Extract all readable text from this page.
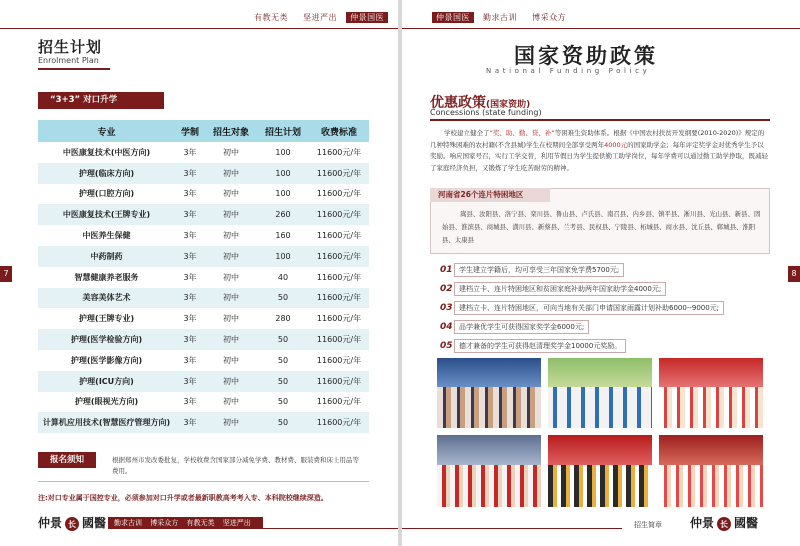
有教无类 坚进严出 仲景国医
招生计划
Enrolment Plan
“3+3” 对口升学
专业	学制	招生对象	招生计划	收费标准
中医康复技术(中医方向)	3年	初中	100	11600元/年
护理(临床方向)	3年	初中	100	11600元/年
护理(口腔方向)	3年	初中	100	11600元/年
中医康复技术(王牌专业)	3年	初中	260	11600元/年
中医养生保健	3年	初中	160	11600元/年
中药制药	3年	初中	100	11600元/年
智慧健康养老服务	3年	初中	40	11600元/年
美容美体艺术	3年	初中	50	11600元/年
护理(王牌专业)	3年	初中	280	11600元/年
护理(医学检验方向)	3年	初中	50	11600元/年
护理(医学影像方向)	3年	初中	50	11600元/年
护理(ICU方向)	3年	初中	50	11600元/年
护理(眼视光方向)	3年	初中	50	11600元/年
计算机应用技术(智慧医疗管理方向)	3年	初中	50	11600元/年
报名须知	根据郑州市发改委批复，学校收费含国家部分减免学费、教材费、服装费和床上用品等费用。
注:对口专业属于国控专业，必须参加对口升学或者最新职教高考考入专、本科院校继续深造。
7
仲景 长 國醫	勤求古训 博采众方 有教无类 坚进严出
仲景国医 勤求古训 博采众方
国家资助政策
National Funding Policy
优惠政策(国家资助)
Concessions (state funding)
学校建立健全了“奖、助、勤、贷、补”等困难生资助体系。根据《中国农村扶贫开发纲要(2010-2020)》规定的几种特殊困难的农村籍(不含县城)学生在校期间全部享受两年4000元的国家助学金；每年评定奖学金对优秀学生予以奖励。响应国家号召，实行工学交替，利用节假日为学生提供勤工助学岗位，每年学费可以通过勤工助学挣取，既减轻了家庭经济负担，又锻炼了学生吃苦耐劳的精神。
河南省26个连片特困地区
嵩县、汝阳县、洛宁县、栾川县、鲁山县、卢氏县、南召县、内乡县、镇平县、淅川县、光山县、新县、固始县、淮滨县、商城县、潢川县、新蔡县、兰考县、民权县、宁陵县、柘城县、商水县、沈丘县、郸城县、淮阳县、太康县
01 学生建立学籍后，均可享受三年国家免学费5700元;
02 建档立卡、连片特困地区和贫困家庭补助两年国家助学金4000元;
03 建档立卡、连片特困地区，可向当地有关部门申请国家雨露计划补助6000--9000元;
04 品学兼优学生可获得国家奖学金6000元;
05 德才兼备的学生可获得赵清理奖学金10000元奖励。
8
招生简章 仲景 长 國醫
